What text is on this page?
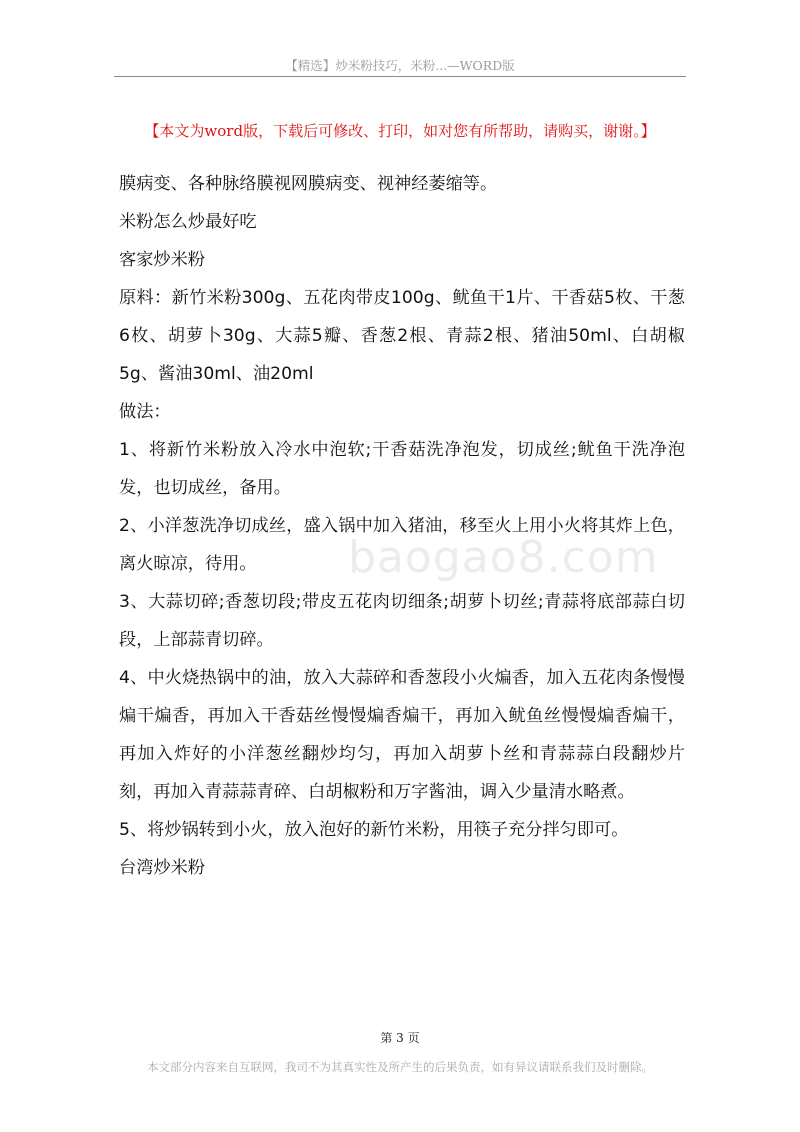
【精选】炒米粉技巧，米粉...—WORD版
【本文为word版，下载后可修改、打印，如对您有所帮助，请购买，谢谢。】
baogao8.com

膜病变、各种脉络膜视网膜病变、视神经萎缩等。

米粉怎么炒最好吃

客家炒米粉

原料：新竹米粉300g、五花肉带皮100g、鱿鱼干1片、干香菇5枚、干葱6枚、胡萝卜30g、大蒜5瓣、香葱2根、青蒜2根、猪油50ml、白胡椒5g、酱油30ml、油20ml

做法：

1、将新竹米粉放入冷水中泡软;干香菇洗净泡发，切成丝;鱿鱼干洗净泡发，也切成丝，备用。

2、小洋葱洗净切成丝，盛入锅中加入猪油，移至火上用小火将其炸上色，离火晾凉，待用。

3、大蒜切碎;香葱切段;带皮五花肉切细条;胡萝卜切丝;青蒜将底部蒜白切段，上部蒜青切碎。

4、中火烧热锅中的油，放入大蒜碎和香葱段小火煸香，加入五花肉条慢慢煸干煸香，再加入干香菇丝慢慢煸香煸干，再加入鱿鱼丝慢慢煸香煸干，再加入炸好的小洋葱丝翻炒均匀，再加入胡萝卜丝和青蒜蒜白段翻炒片刻，再加入青蒜蒜青碎、白胡椒粉和万字酱油，调入少量清水略煮。

5、将炒锅转到小火，放入泡好的新竹米粉，用筷子充分拌匀即可。

台湾炒米粉

第 3 页
本文部分内容来自互联网，我司不为其真实性及所产生的后果负责，如有异议请联系我们及时删除。
